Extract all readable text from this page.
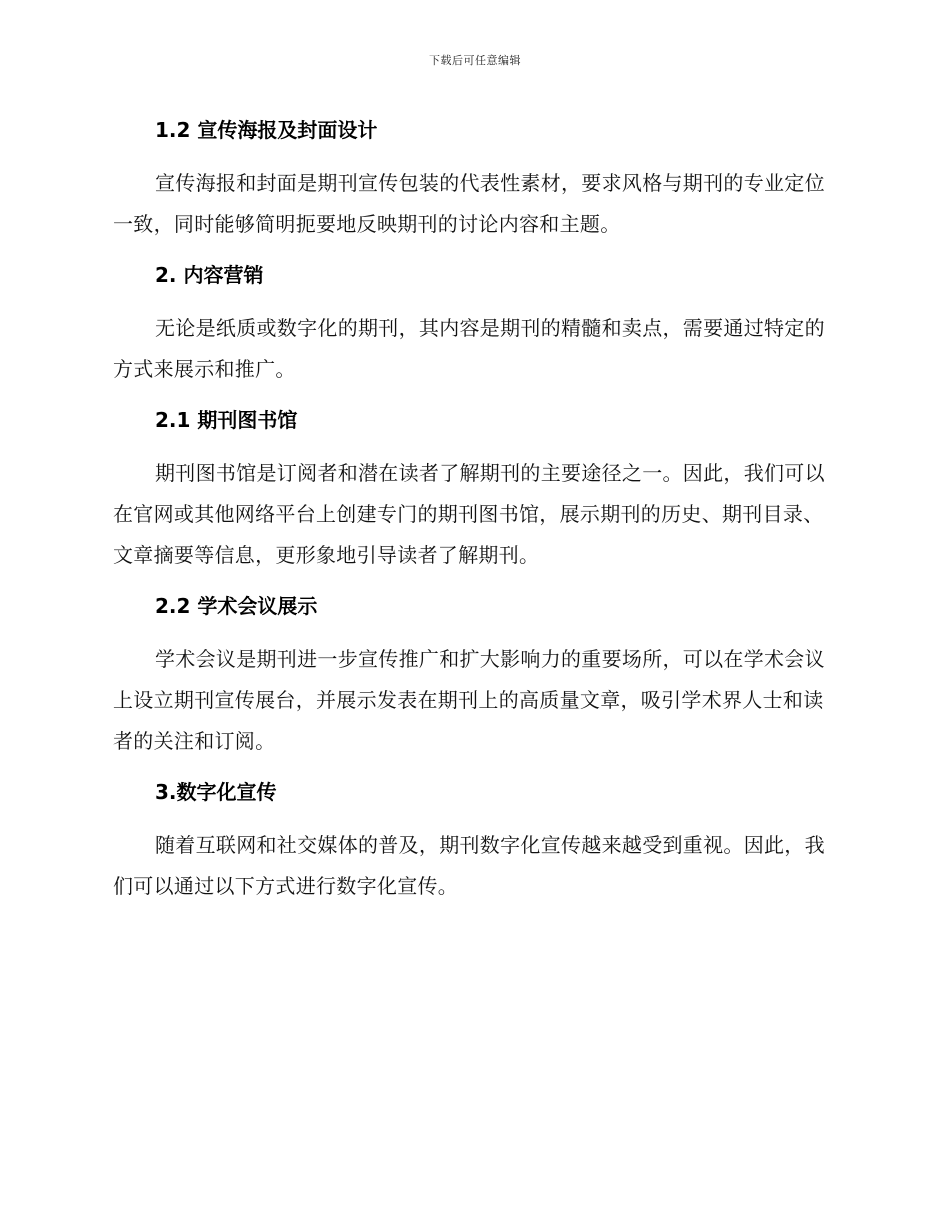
下载后可任意编辑
1.2 宣传海报及封面设计

宣传海报和封面是期刊宣传包装的代表性素材，要求风格与期刊的专业定位一致，同时能够简明扼要地反映期刊的讨论内容和主题。

2. 内容营销

无论是纸质或数字化的期刊，其内容是期刊的精髓和卖点，需要通过特定的方式来展示和推广。

2.1 期刊图书馆

期刊图书馆是订阅者和潜在读者了解期刊的主要途径之一。因此，我们可以在官网或其他网络平台上创建专门的期刊图书馆，展示期刊的历史、期刊目录、文章摘要等信息，更形象地引导读者了解期刊。

2.2 学术会议展示

学术会议是期刊进一步宣传推广和扩大影响力的重要场所，可以在学术会议上设立期刊宣传展台，并展示发表在期刊上的高质量文章，吸引学术界人士和读者的关注和订阅。

3.数字化宣传

随着互联网和社交媒体的普及，期刊数字化宣传越来越受到重视。因此，我们可以通过以下方式进行数字化宣传。
